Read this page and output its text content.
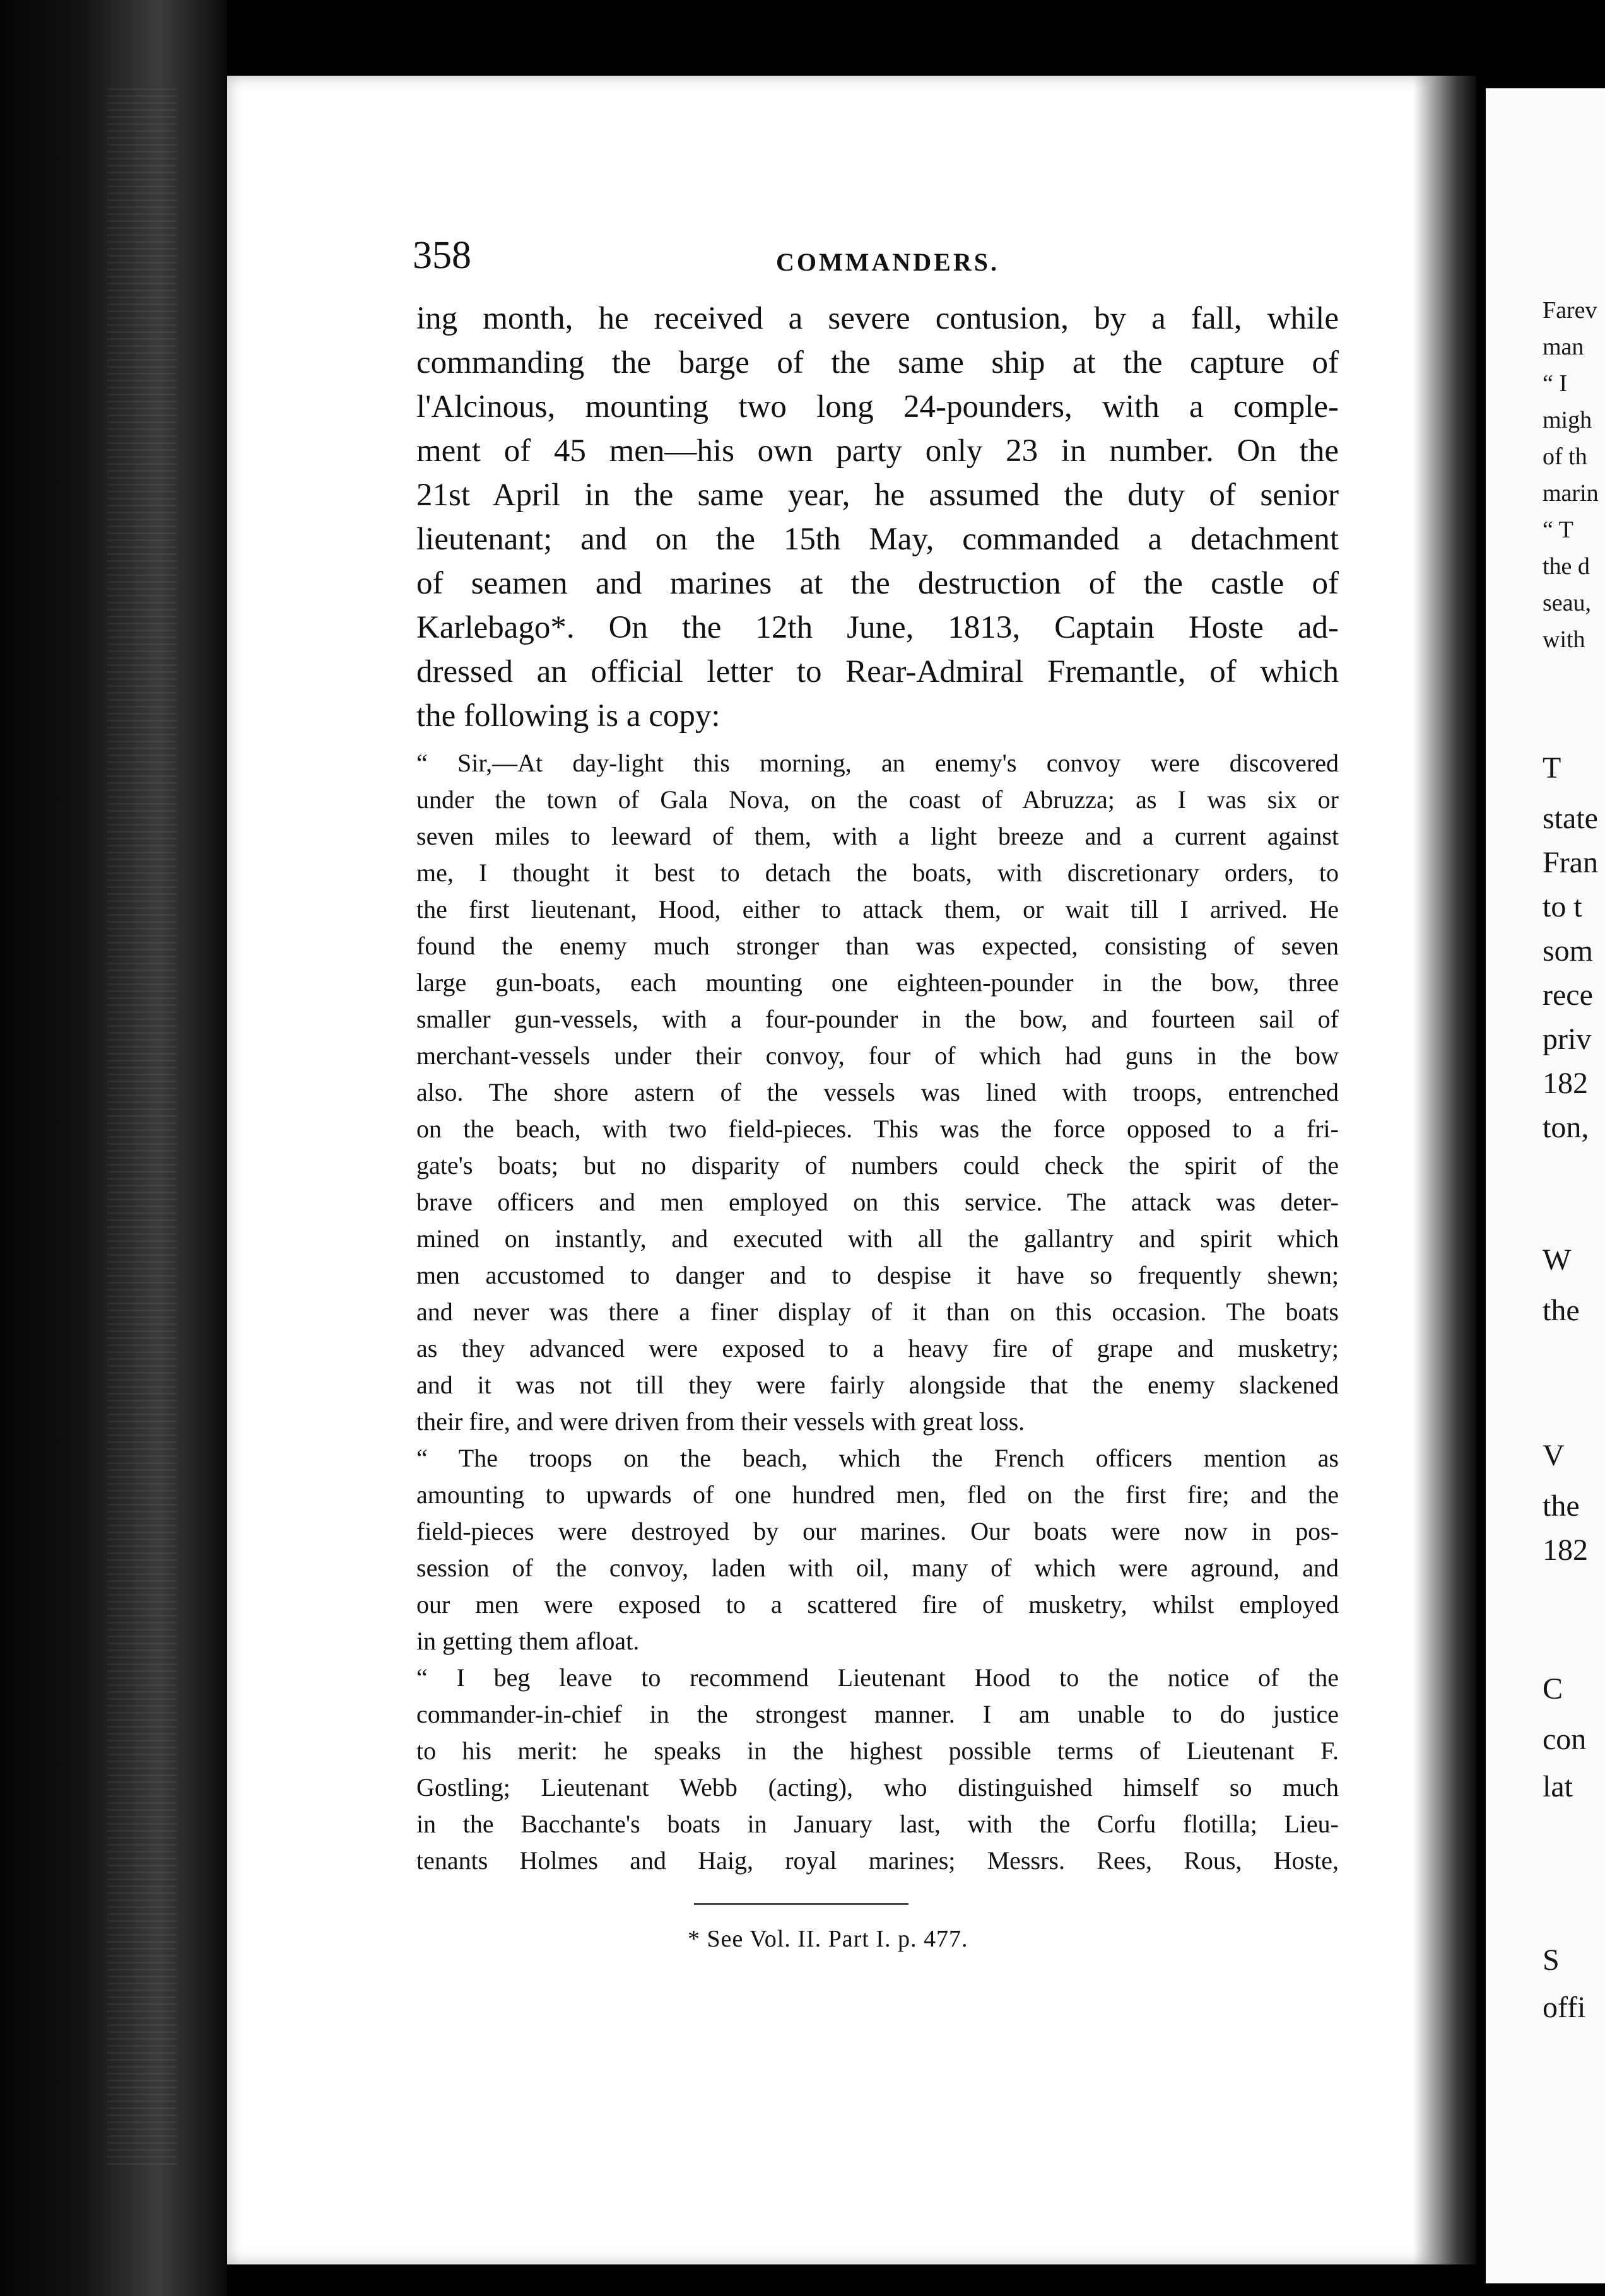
Farev
man
“ I
migh
of th
marin
“ T
the d
seau,
with
T
state
Fran
to t
som
rece
priv
182
ton,
W
the
V
the
182
C
con
lat
S
offi
358	COMMANDERS.
ing month, he received a severe contusion, by a fall, while
commanding the barge of the same ship at the capture of
l'Alcinous, mounting two long 24-pounders, with a comple-
ment of 45 men—his own party only 23 in number. On the
21st April in the same year, he assumed the duty of senior
lieutenant; and on the 15th May, commanded a detachment
of seamen and marines at the destruction of the castle of
Karlebago*. On the 12th June, 1813, Captain Hoste ad-
dressed an official letter to Rear-Admiral Fremantle, of which
the following is a copy:
“ Sir,—At day-light this morning, an enemy's convoy were discovered
under the town of Gala Nova, on the coast of Abruzza; as I was six or
seven miles to leeward of them, with a light breeze and a current against
me, I thought it best to detach the boats, with discretionary orders, to
the first lieutenant, Hood, either to attack them, or wait till I arrived. He
found the enemy much stronger than was expected, consisting of seven
large gun-boats, each mounting one eighteen-pounder in the bow, three
smaller gun-vessels, with a four-pounder in the bow, and fourteen sail of
merchant-vessels under their convoy, four of which had guns in the bow
also. The shore astern of the vessels was lined with troops, entrenched
on the beach, with two field-pieces. This was the force opposed to a fri-
gate's boats; but no disparity of numbers could check the spirit of the
brave officers and men employed on this service. The attack was deter-
mined on instantly, and executed with all the gallantry and spirit which
men accustomed to danger and to despise it have so frequently shewn;
and never was there a finer display of it than on this occasion. The boats
as they advanced were exposed to a heavy fire of grape and musketry;
and it was not till they were fairly alongside that the enemy slackened
their fire, and were driven from their vessels with great loss.
“ The troops on the beach, which the French officers mention as
amounting to upwards of one hundred men, fled on the first fire; and the
field-pieces were destroyed by our marines. Our boats were now in pos-
session of the convoy, laden with oil, many of which were aground, and
our men were exposed to a scattered fire of musketry, whilst employed
in getting them afloat.
“ I beg leave to recommend Lieutenant Hood to the notice of the
commander-in-chief in the strongest manner. I am unable to do justice
to his merit: he speaks in the highest possible terms of Lieutenant F.
Gostling; Lieutenant Webb (acting), who distinguished himself so much
in the Bacchante's boats in January last, with the Corfu flotilla; Lieu-
tenants Holmes and Haig, royal marines; Messrs. Rees, Rous, Hoste,
* See Vol. II. Part I. p. 477.
